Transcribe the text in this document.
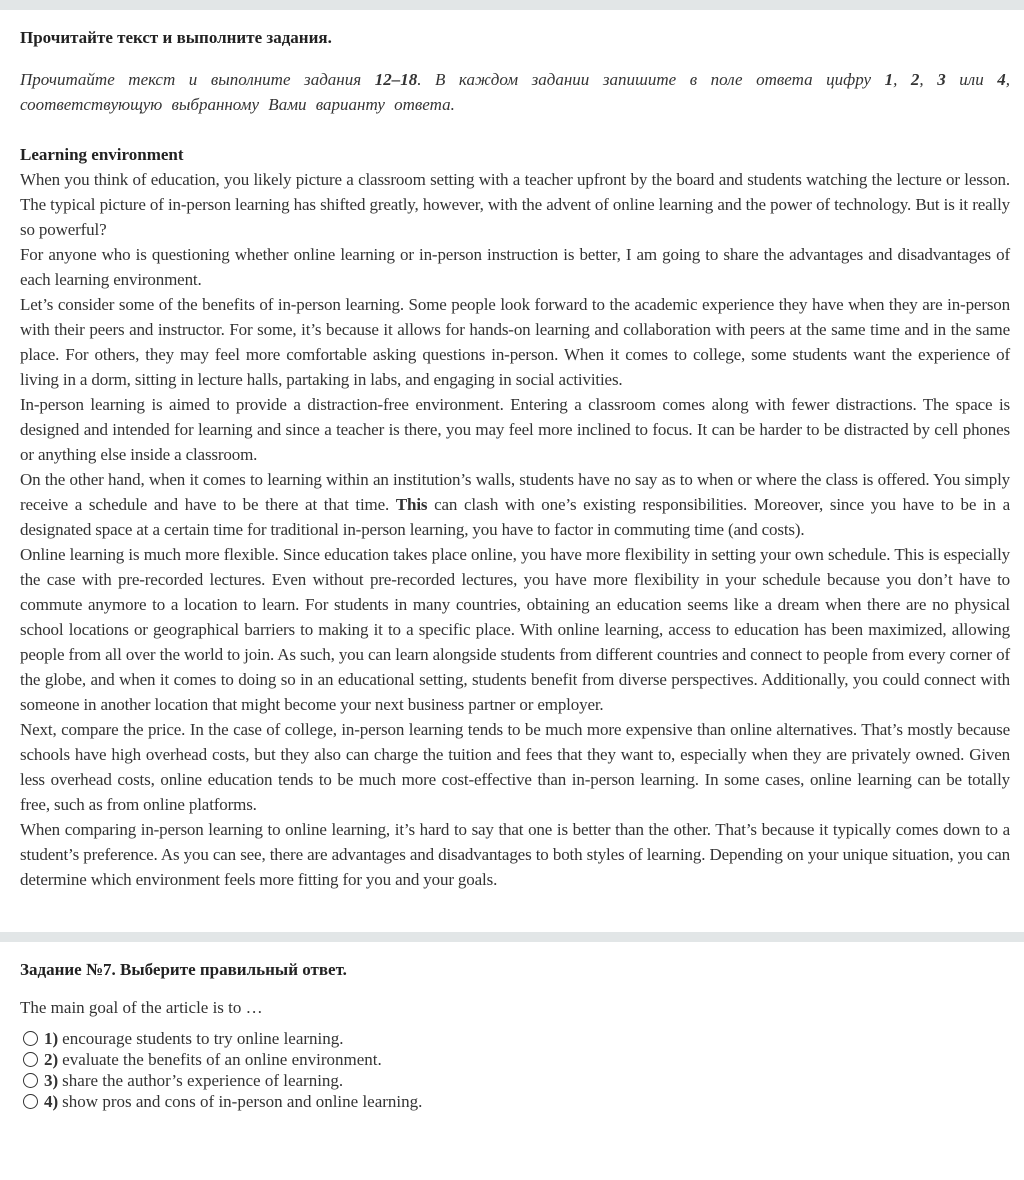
Прочитайте текст и выполните задания.

Прочитайте текст и выполните задания 12–18. В каждом задании запишите в поле ответа цифру 1, 2, 3 или 4, соответствующую выбранному Вами варианту ответа.

Learning environment

When you think of education, you likely picture a classroom setting with a teacher upfront by the board and students watching the lecture or lesson. The typical picture of in-person learning has shifted greatly, however, with the advent of online learning and the power of technology. But is it really so powerful?

For anyone who is questioning whether online learning or in-person instruction is better, I am going to share the advantages and disadvantages of each learning environment.

Let’s consider some of the benefits of in-person learning. Some people look forward to the academic experience they have when they are in-person with their peers and instructor. For some, it’s because it allows for hands-on learning and collaboration with peers at the same time and in the same place. For others, they may feel more comfortable asking questions in-person. When it comes to college, some students want the experience of living in a dorm, sitting in lecture halls, partaking in labs, and engaging in social activities.

In-person learning is aimed to provide a distraction-free environment. Entering a classroom comes along with fewer distractions. The space is designed and intended for learning and since a teacher is there, you may feel more inclined to focus. It can be harder to be distracted by cell phones or anything else inside a classroom.

On the other hand, when it comes to learning within an institution’s walls, students have no say as to when or where the class is offered. You simply receive a schedule and have to be there at that time. This can clash with one’s existing responsibilities. Moreover, since you have to be in a designated space at a certain time for traditional in-person learning, you have to factor in commuting time (and costs).

Online learning is much more flexible. Since education takes place online, you have more flexibility in setting your own schedule. This is especially the case with pre-recorded lectures. Even without pre-recorded lectures, you have more flexibility in your schedule because you don’t have to commute anymore to a location to learn. For students in many countries, obtaining an education seems like a dream when there are no physical school locations or geographical barriers to making it to a specific place. With online learning, access to education has been maximized, allowing people from all over the world to join. As such, you can learn alongside students from different countries and connect to people from every corner of the globe, and when it comes to doing so in an educational setting, students benefit from diverse perspectives. Additionally, you could connect with someone in another location that might become your next business partner or employer.

Next, compare the price. In the case of college, in-person learning tends to be much more expensive than online alternatives. That’s mostly because schools have high overhead costs, but they also can charge the tuition and fees that they want to, especially when they are privately owned. Given less overhead costs, online education tends to be much more cost-effective than in-person learning. In some cases, online learning can be totally free, such as from online platforms.

When comparing in-person learning to online learning, it’s hard to say that one is better than the other. That’s because it typically comes down to a student’s preference. As you can see, there are advantages and disadvantages to both styles of learning. Depending on your unique situation, you can determine which environment feels more fitting for you and your goals.

Задание №7. Выберите правильный ответ.

The main goal of the article is to …

1) encourage students to try online learning.
2) evaluate the benefits of an online environment.
3) share the author’s experience of learning.
4) show pros and cons of in-person and online learning.
